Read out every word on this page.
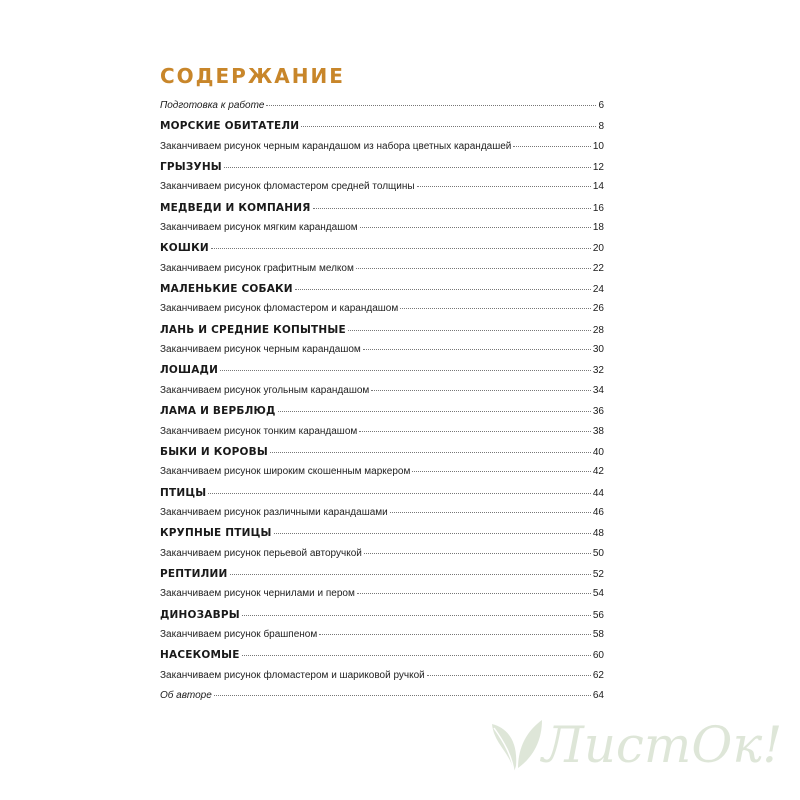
СОДЕРЖАНИЕ
Подготовка к работе	6
МОРСКИЕ ОБИТАТЕЛИ	8
Заканчиваем рисунок черным карандашом из набора цветных карандашей	10
ГРЫЗУНЫ	12
Заканчиваем рисунок фломастером средней толщины	14
МЕДВЕДИ И КОМПАНИЯ	16
Заканчиваем рисунок мягким карандашом	18
КОШКИ	20
Заканчиваем рисунок графитным мелком	22
МАЛЕНЬКИЕ СОБАКИ	24
Заканчиваем рисунок фломастером и карандашом	26
ЛАНЬ И СРЕДНИЕ КОПЫТНЫЕ	28
Заканчиваем рисунок черным карандашом	30
ЛОШАДИ	32
Заканчиваем рисунок угольным карандашом	34
ЛАМА И ВЕРБЛЮД	36
Заканчиваем рисунок тонким карандашом	38
БЫКИ И КОРОВЫ	40
Заканчиваем рисунок широким скошенным маркером	42
ПТИЦЫ	44
Заканчиваем рисунок различными карандашами	46
КРУПНЫЕ ПТИЦЫ	48
Заканчиваем рисунок перьевой авторучкой	50
РЕПТИЛИИ	52
Заканчиваем рисунок чернилами и пером	54
ДИНОЗАВРЫ	56
Заканчиваем рисунок брашпеном	58
НАСЕКОМЫЕ	60
Заканчиваем рисунок фломастером и шариковой ручкой	62
Об авторе	64
ЛистОк!
